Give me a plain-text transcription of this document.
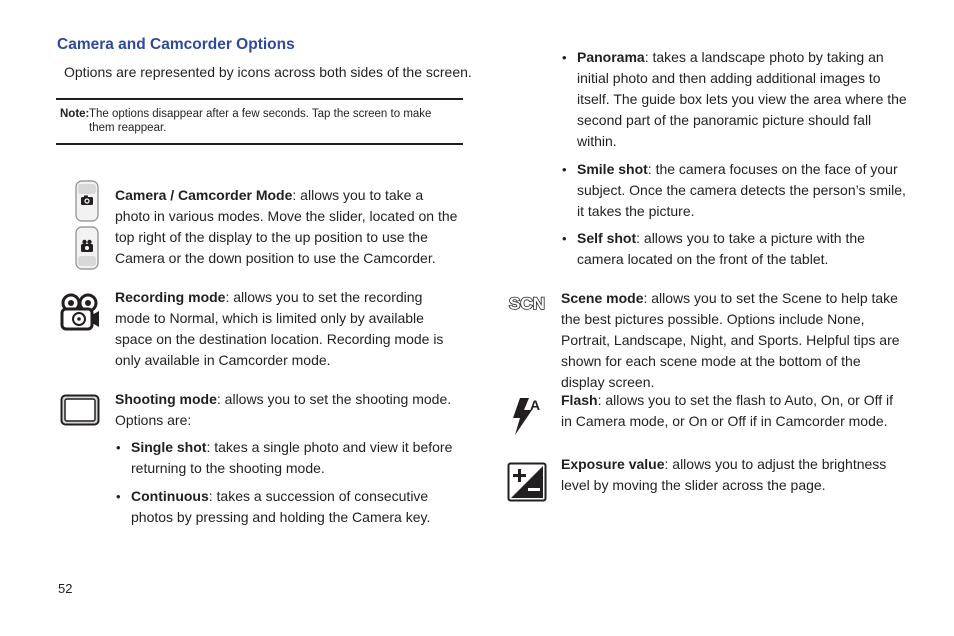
Camera and Camcorder Options
Options are represented by icons across both sides of the screen.
Note: The options disappear after a few seconds. Tap the screen to make them reappear.
Camera / Camcorder Mode: allows you to take a photo in various modes. Move the slider, located on the top right of the display to the up position to use the Camera or the down position to use the Camcorder.
Recording mode: allows you to set the recording mode to Normal, which is limited only by available space on the destination location. Recording mode is only available in Camcorder mode.
Shooting mode: allows you to set the shooting mode. Options are:
• Single shot: takes a single photo and view it before returning to the shooting mode.
• Continuous: takes a succession of consecutive photos by pressing and holding the Camera key.
• Panorama: takes a landscape photo by taking an initial photo and then adding additional images to itself. The guide box lets you view the area where the second part of the panoramic picture should fall within.
• Smile shot: the camera focuses on the face of your subject. Once the camera detects the person’s smile, it takes the picture.
• Self shot: allows you to take a picture with the camera located on the front of the tablet.
SCN Scene mode: allows you to set the Scene to help take the best pictures possible. Options include None, Portrait, Landscape, Night, and Sports. Helpful tips are shown for each scene mode at the bottom of the display screen.
A Flash: allows you to set the flash to Auto, On, or Off if in Camera mode, or On or Off if in Camcorder mode.
Exposure value: allows you to adjust the brightness level by moving the slider across the page.
52
